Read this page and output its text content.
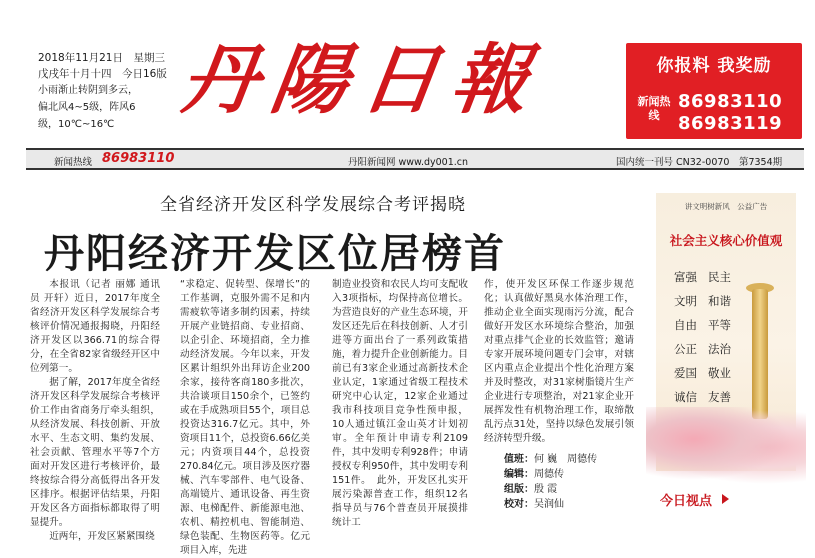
2018年11月21日　星期三
戊戌年十月十四　今日16版
小雨渐止转阴到多云，偏北风4~5级，阵风6级，10℃~16℃
丹陽日報	你报料 我奖励
新闻热线
86983110
86983119
新闻热线 86983110	丹阳新闻网 www.dy001.cn	国内统一刊号 CN32-0070　第7354期
全省经济开发区科学发展综合考评揭晓
丹阳经济开发区位居榜首

本报讯（记者 丽娜 通讯员 开轩）近日，2017年度全省经济开发区科学发展综合考核评价情况通报揭晓，丹阳经济开发区以366.71的综合得分，在全省82家省级经开区中位列第一。

据了解，2017年度全省经济开发区科学发展综合考核评价工作由省商务厅牵头组织，从经济发展、科技创新、开放水平、生态文明、集约发展、社会贡献、管理水平等7个方面对开发区进行考核评价，最终按综合得分高低得出各开发区排序。根据评估结果，丹阳开发区各方面指标都取得了明显提升。

近两年，开发区紧紧围绕

“求稳定、促转型、保增长”的工作基调，克服外需不足和内需疲软等诸多制约因素，持续开展产业链招商、专业招商、以企引企、环境招商，全力推动经济发展。今年以来，开发区累计组织外出拜访企业200余家，接待客商180多批次，共洽谈项目150余个，已签约或在手成熟项目55个，项目总投资达316.7亿元。其中，外资项目11个，总投资6.66亿美元；内资项目44个，总投资270.84亿元。项目涉及医疗器械、汽车零部件、电气设备、高端镜片、通讯设备、再生资源、电梯配件、新能源电池、农机、精控机电、智能制造、绿色装配、生物医药等。亿元项目入库，先进
制造业投资和农民人均可支配收入3项指标，均保持高位增长。为营造良好的产业生态环境，开发区还先后在科技创新、人才引进等方面出台了一系列政策措施，着力提升企业创新能力。目前已有3家企业通过高新技术企业认定，1家通过省级工程技术研究中心认定，12家企业通过我市科技项目竞争性预申报，10人通过镇江金山英才计划初审。全年预计申请专利2109件，其中发明专利928件；申请授权专利950件，其中发明专利151件。　此外，开发区扎实开展污染源普查工作，组织12名指导员与76个普查员开展摸排统计工
作，使开发区环保工作逐步规范化；认真做好黑臭水体治理工作，推动企业全面实现雨污分流，配合做好开发区水环境综合整治，加强对重点排气企业的长效监管；邀请专家开展环境问题专门会审，对辖区内重点企业提出个性化治理方案并及时整改，对31家树脂镜片生产企业进行专项整治，对21家企业开展挥发性有机物治理工作，取缔散乱污点31处，坚持以绿色发展引领经济转型升级。
值班：何 巍　周德传
编辑：周德传
组版：殷 霞
校对：吴润仙
讲文明树新风　公益广告
社会主义核心价值观
富强 民主 文明 和谐 自由 平等 公正 法治 爱国 敬业 诚信 友善
今日视点
